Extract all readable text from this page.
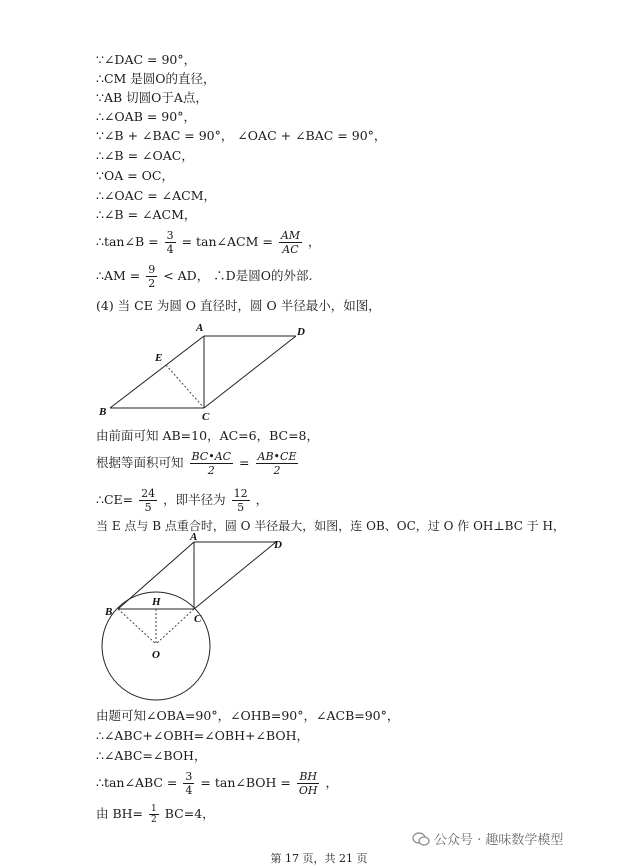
∵∠DAC = 90°，
∴CM 是圆O的直径，
∵AB 切圆O于A点，
∴∠OAB = 90°，
∵∠B + ∠BAC = 90°， ∠OAC + ∠BAC = 90°，
∴∠B = ∠OAC，
∵OA = OC，
∴∠OAC = ∠ACM，
∴∠B = ∠ACM，
∴tan∠B = $\frac{3}{4}$ = tan∠ACM = $\frac{AM}{AC}$ ，
∴AM = $\frac{9}{2}$ < AD， ∴D是圆O的外部.
(4) 当 CE 为圆 O 直径时，圆 O 半径最小，如图，
A	D
E
B	C
由前面可知 AB=10，AC=6，BC=8，
根据等面积可知 $\frac{BC•AC}{2} = \frac{AB•CE}{2}$
∴CE= $\frac{24}{5}$ ，即半径为 $\frac{12}{5}$ ，
当 E 点与 B 点重合时，圆 O 半径最大，如图，连 OB、OC，过 O 作 OH⊥BC 于 H，
A
D
H
B
C
O
由题可知∠OBA=90°，∠OHB=90°，∠ACB=90°，
∴∠ABC+∠OBH=∠OBH+∠BOH，
∴∠ABC=∠BOH，
∴tan∠ABC = $\frac{3}{4}$ = tan∠BOH = $\frac{BH}{OH}$ ，
由 $BH= \frac{1}{2} BC=4$，
公众号 · 趣味数学模型
第 17 页，共 21 页
